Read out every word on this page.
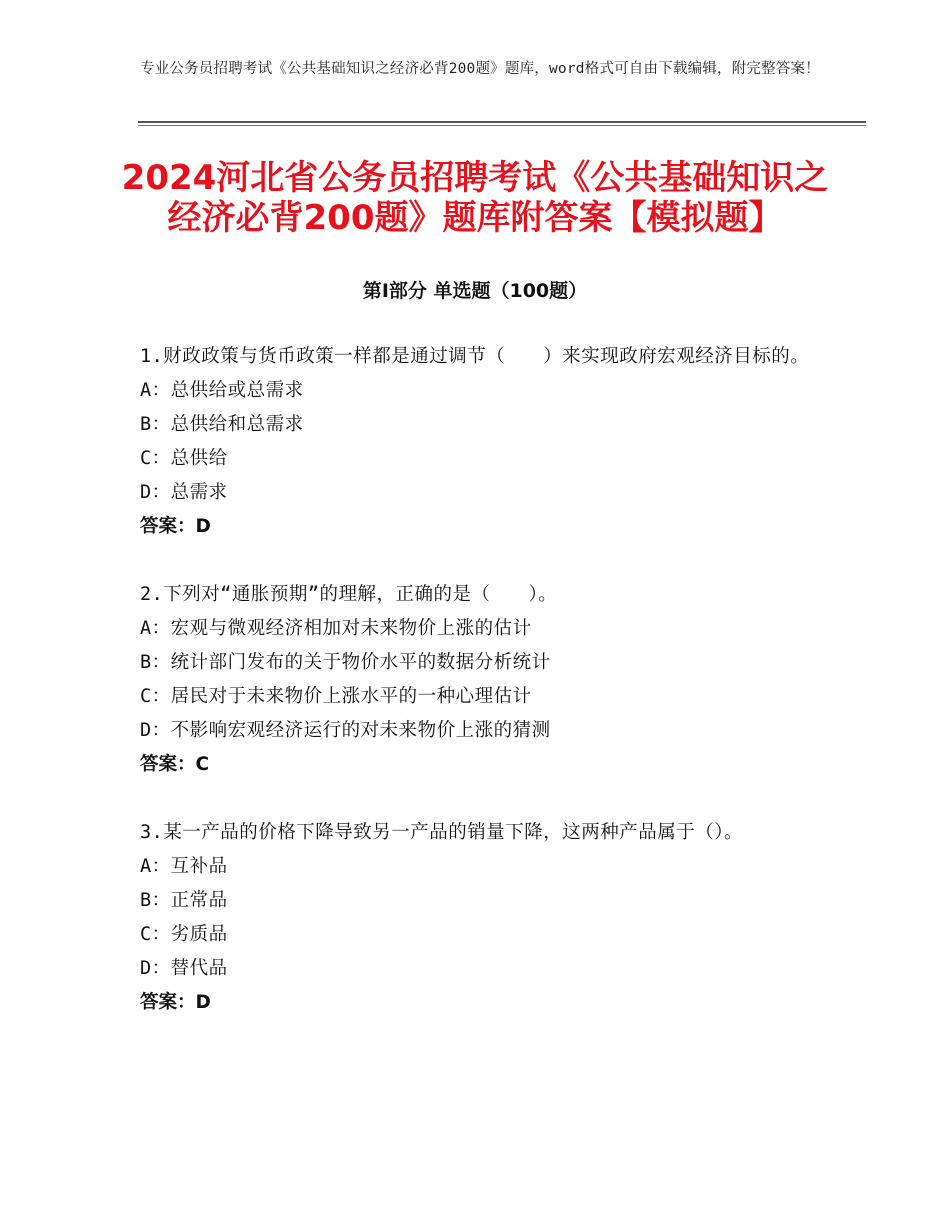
专业公务员招聘考试《公共基础知识之经济必背200题》题库，word格式可自由下载编辑，附完整答案！
2024河北省公务员招聘考试《公共基础知识之经济必背200题》题库附答案【模拟题】
第Ⅰ部分 单选题（100题）
1.财政政策与货币政策一样都是通过调节（　　）来实现政府宏观经济目标的。
A：总供给或总需求
B：总供给和总需求
C：总供给
D：总需求
答案：D
2.下列对“通胀预期”的理解，正确的是（　　）。
A：宏观与微观经济相加对未来物价上涨的估计
B：统计部门发布的关于物价水平的数据分析统计
C：居民对于未来物价上涨水平的一种心理估计
D：不影响宏观经济运行的对未来物价上涨的猜测
答案：C
3.某一产品的价格下降导致另一产品的销量下降，这两种产品属于（）。
A：互补品
B：正常品
C：劣质品
D：替代品
答案：D
